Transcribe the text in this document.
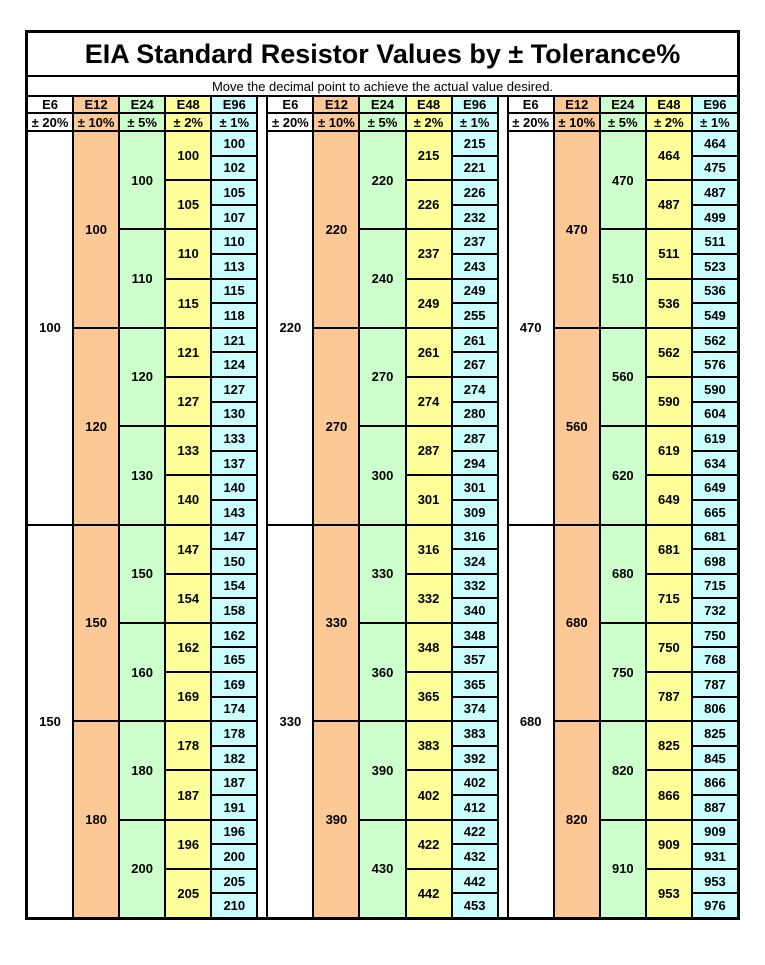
EIA Standard Resistor Values by ± Tolerance%
Move the decimal point to achieve the actual value desired.
E6
± 20%
100
150
E12
± 10%
100
120
150
180
E24
± 5%
100
110
120
130
150
160
180
200
E48
± 2%
100
105
110
115
121
127
133
140
147
154
162
169
178
187
196
205
E96
± 1%
100
102
105
107
110
113
115
118
121
124
127
130
133
137
140
143
147
150
154
158
162
165
169
174
178
182
187
191
196
200
205
210
E6
± 20%
220
330
E12
± 10%
220
270
330
390
E24
± 5%
220
240
270
300
330
360
390
430
E48
± 2%
215
226
237
249
261
274
287
301
316
332
348
365
383
402
422
442
E96
± 1%
215
221
226
232
237
243
249
255
261
267
274
280
287
294
301
309
316
324
332
340
348
357
365
374
383
392
402
412
422
432
442
453
E6
± 20%
470
680
E12
± 10%
470
560
680
820
E24
± 5%
470
510
560
620
680
750
820
910
E48
± 2%
464
487
511
536
562
590
619
649
681
715
750
787
825
866
909
953
E96
± 1%
464
475
487
499
511
523
536
549
562
576
590
604
619
634
649
665
681
698
715
732
750
768
787
806
825
845
866
887
909
931
953
976
